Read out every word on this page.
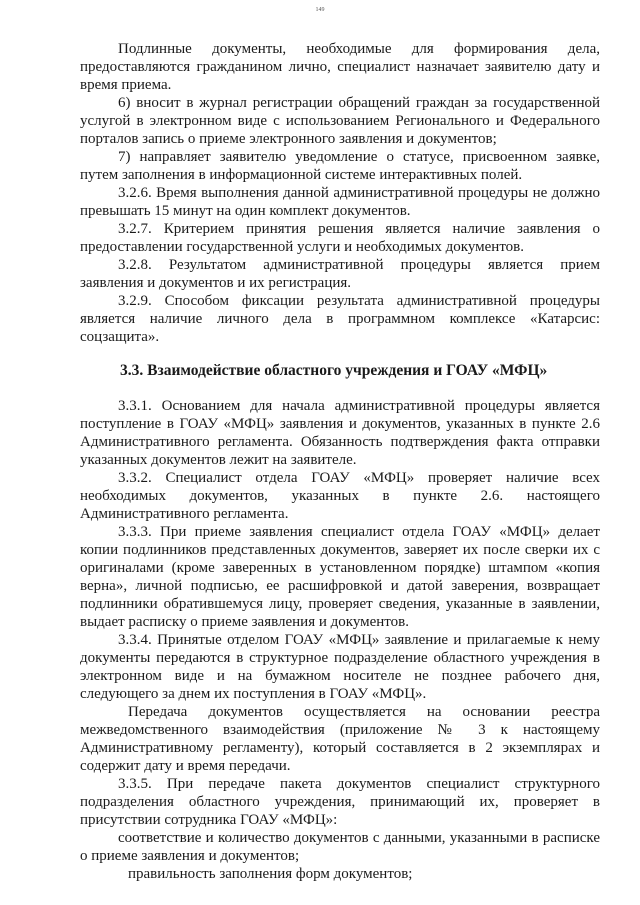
149

Подлинные документы, необходимые для формирования дела, предоставляются гражданином лично, специалист назначает заявителю дату и время приема.

6) вносит в журнал регистрации обращений граждан за государственной услугой в электронном виде с использованием Регионального и Федерального порталов запись о приеме электронного заявления и документов;

7) направляет заявителю уведомление о статусе, присвоенном заявке, путем заполнения в информационной системе интерактивных полей.

3.2.6. Время выполнения данной административной процедуры не должно превышать 15 минут на один комплект документов.

3.2.7. Критерием принятия решения является наличие заявления о предоставлении государственной услуги и необходимых документов.

3.2.8. Результатом административной процедуры является прием заявления и документов и их регистрация.

3.2.9. Способом фиксации результата административной процедуры является наличие личного дела в программном комплексе «Катарсис: соцзащита».

3.3. Взаимодействие областного учреждения и ГОАУ «МФЦ»

3.3.1. Основанием для начала административной процедуры является поступление в ГОАУ «МФЦ» заявления и документов, указанных в пункте 2.6 Административного регламента. Обязанность подтверждения факта отправки указанных документов лежит на заявителе.

3.3.2. Специалист отдела ГОАУ «МФЦ» проверяет наличие всех необходимых документов, указанных в пункте 2.6. настоящего Административного регламента.

3.3.3. При приеме заявления специалист отдела ГОАУ «МФЦ» делает копии подлинников представленных документов, заверяет их после сверки их с оригиналами (кроме заверенных в установленном порядке) штампом «копия верна», личной подписью, ее расшифровкой и датой заверения, возвращает подлинники обратившемуся лицу, проверяет сведения, указанные в заявлении, выдает расписку о приеме заявления и документов.

3.3.4. Принятые отделом ГОАУ «МФЦ» заявление и прилагаемые к нему документы передаются в структурное подразделение областного учреждения в электронном виде и на бумажном носителе не позднее рабочего дня, следующего за днем их поступления в ГОАУ «МФЦ».

Передача документов осуществляется на основании реестра межведомственного взаимодействия (приложение № 3 к настоящему Административному регламенту), который составляется в 2 экземплярах и содержит дату и время передачи.

3.3.5. При передаче пакета документов специалист структурного подразделения областного учреждения, принимающий их, проверяет в присутствии сотрудника ГОАУ «МФЦ»:

соответствие и количество документов с данными, указанными в расписке о приеме заявления и документов;

правильность заполнения форм документов;
